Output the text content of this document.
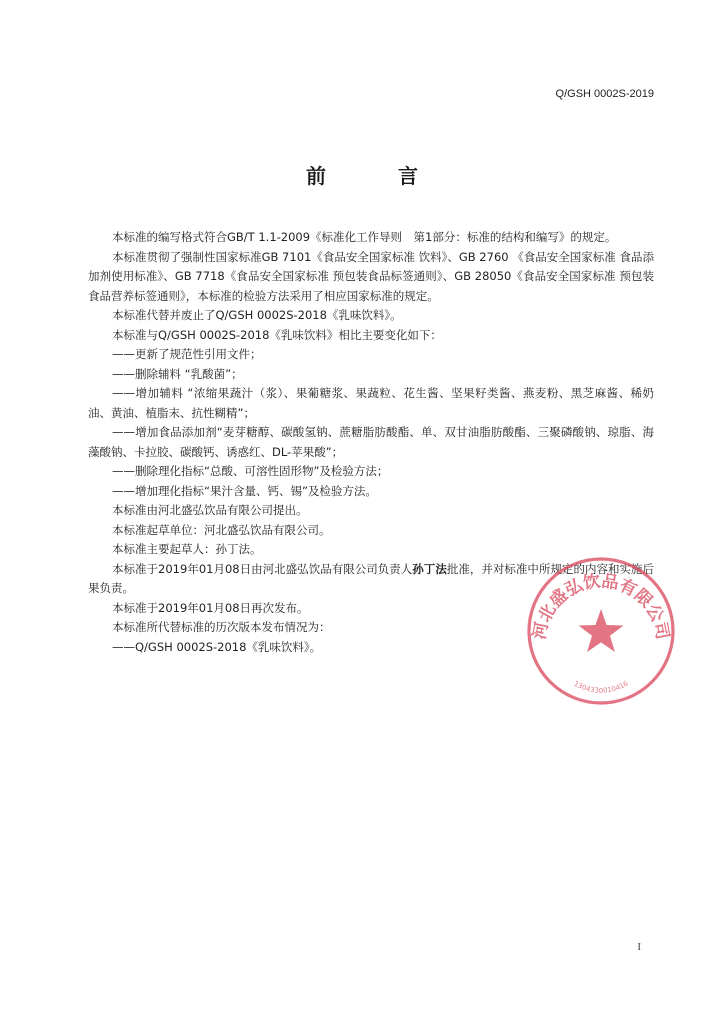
Q/GSH 0002S-2019
前言

本标准的编写格式符合GB/T 1.1-2009《标准化工作导则　第1部分：标准的结构和编写》的规定。

本标准贯彻了强制性国家标准GB 7101《食品安全国家标准 饮料》、GB 2760 《食品安全国家标准 食品添加剂使用标准》、GB 7718《食品安全国家标准 预包装食品标签通则》、GB 28050《食品安全国家标准 预包装食品营养标签通则》，本标准的检验方法采用了相应国家标准的规定。

本标准代替并废止了Q/GSH 0002S-2018《乳味饮料》。

本标准与Q/GSH 0002S-2018《乳味饮料》相比主要变化如下：

——更新了规范性引用文件；

——删除辅料 “乳酸菌”；

——增加辅料 “浓缩果蔬汁（浆）、果葡糖浆、果蔬粒、花生酱、坚果籽类酱、燕麦粉、黑芝麻酱、稀奶油、黄油、植脂末、抗性糊精”；

——增加食品添加剂“麦芽糖醇、碳酸氢钠、蔗糖脂肪酸酯、单、双甘油脂肪酸酯、三聚磷酸钠、琼脂、海藻酸钠、卡拉胶、碳酸钙、诱惑红、DL-苹果酸”；

——删除理化指标“总酸、可溶性固形物”及检验方法；

——增加理化指标“果汁含量、钙、锡”及检验方法。

本标准由河北盛弘饮品有限公司提出。

本标准起草单位：河北盛弘饮品有限公司。

本标准主要起草人：孙丁法。

本标准于2019年01月08日由河北盛弘饮品有限公司负责人孙丁法批准，并对标准中所规定的内容和实施后果负责。

本标准于2019年01月08日再次发布。

本标准所代替标准的历次版本发布情况为：

——Q/GSH 0002S-2018《乳味饮料》。

河北盛弘饮品有限公司
1304330010416
I
